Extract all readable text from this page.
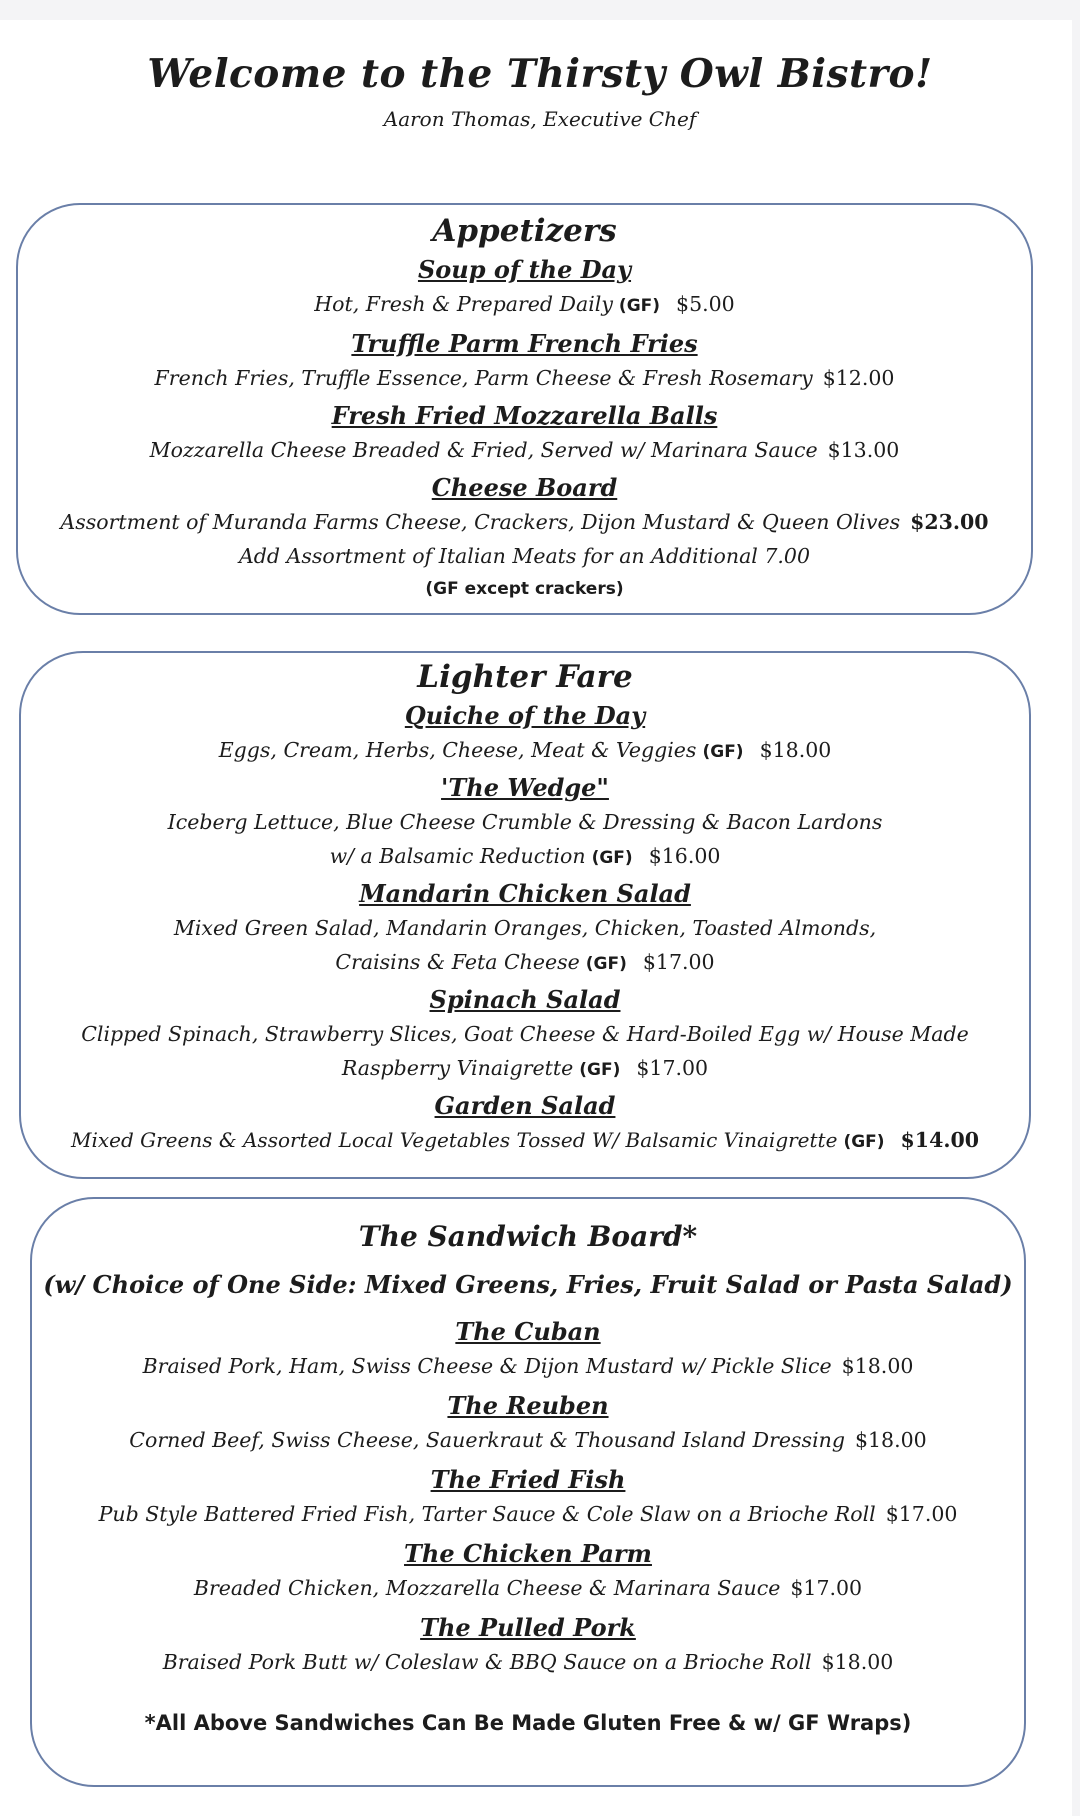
Welcome to the Thirsty Owl Bistro!
Aaron Thomas, Executive Chef
Appetizers
Soup of the Day

Hot, Fresh & Prepared Daily (GF) $5.00

Truffle Parm French Fries

French Fries, Truffle Essence, Parm Cheese & Fresh Rosemary $12.00

Fresh Fried Mozzarella Balls

Mozzarella Cheese Breaded & Fried, Served w/ Marinara Sauce $13.00

Cheese Board

Assortment of Muranda Farms Cheese, Crackers, Dijon Mustard & Queen Olives $23.00

Add Assortment of Italian Meats for an Additional 7.00

(GF except crackers)

Lighter Fare
Quiche of the Day

Eggs, Cream, Herbs, Cheese, Meat & Veggies (GF) $18.00

'The Wedge"

Iceberg Lettuce, Blue Cheese Crumble & Dressing & Bacon Lardons

w/ a Balsamic Reduction (GF) $16.00

Mandarin Chicken Salad

Mixed Green Salad, Mandarin Oranges, Chicken, Toasted Almonds,

Craisins & Feta Cheese (GF) $17.00

Spinach Salad

Clipped Spinach, Strawberry Slices, Goat Cheese & Hard-Boiled Egg w/ House Made

Raspberry Vinaigrette (GF) $17.00

Garden Salad

Mixed Greens & Assorted Local Vegetables Tossed W/ Balsamic Vinaigrette (GF) $14.00

The Sandwich Board*

(w/ Choice of One Side: Mixed Greens, Fries, Fruit Salad or Pasta Salad)

The Cuban

Braised Pork, Ham, Swiss Cheese & Dijon Mustard w/ Pickle Slice $18.00

The Reuben

Corned Beef, Swiss Cheese, Sauerkraut & Thousand Island Dressing $18.00

The Fried Fish

Pub Style Battered Fried Fish, Tarter Sauce & Cole Slaw on a Brioche Roll $17.00

The Chicken Parm

Breaded Chicken, Mozzarella Cheese & Marinara Sauce $17.00

The Pulled Pork

Braised Pork Butt w/ Coleslaw & BBQ Sauce on a Brioche Roll $18.00

*All Above Sandwiches Can Be Made Gluten Free & w/ GF Wraps)
